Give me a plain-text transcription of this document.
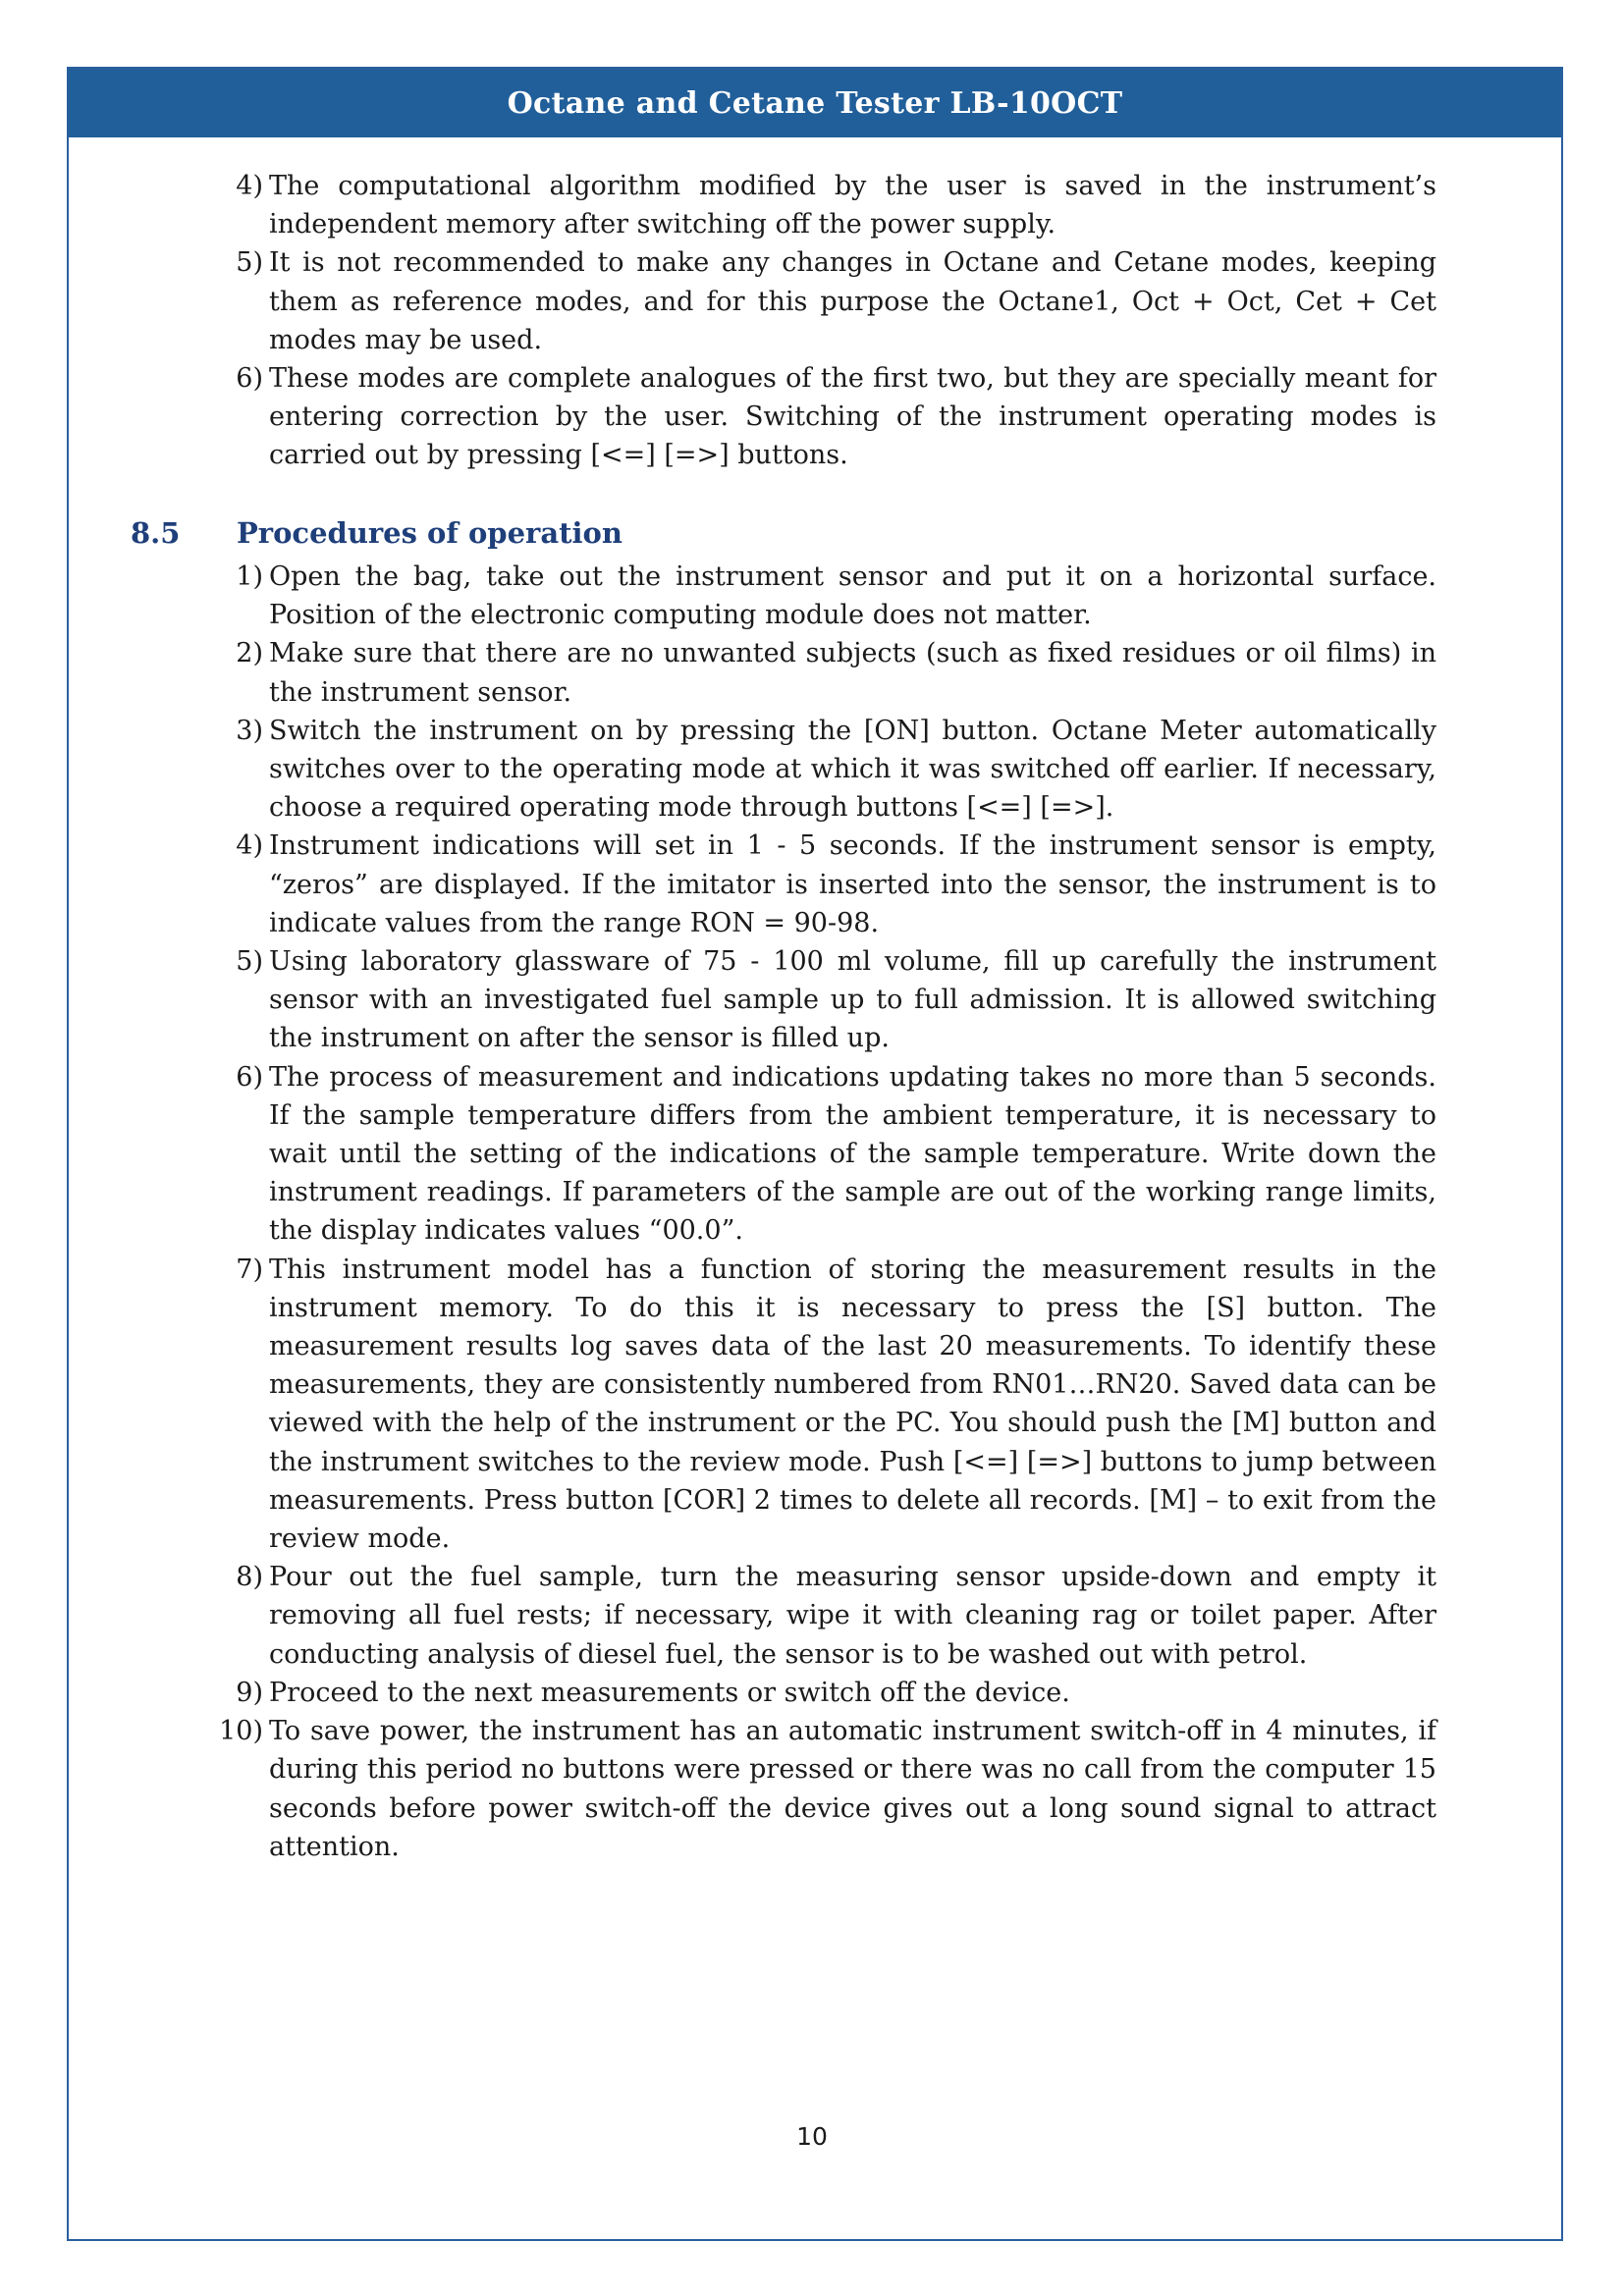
Octane and Cetane Tester LB-10OCT
4) The computational algorithm modified by the user is saved in the instrument’s independent memory after switching off the power supply.
5) It is not recommended to make any changes in Octane and Cetane modes, keeping them as reference modes, and for this purpose the Octane1, Oct + Oct, Cet + Cet modes may be used.
6) These modes are complete analogues of the first two, but they are specially meant for entering correction by the user. Switching of the instrument operating modes is carried out by pressing [<=] [=>] buttons.
8.5	Procedures of operation
1) Open the bag, take out the instrument sensor and put it on a horizontal surface. Position of the electronic computing module does not matter.
2) Make sure that there are no unwanted subjects (such as fixed residues or oil films) in the instrument sensor.
3) Switch the instrument on by pressing the [ON] button. Octane Meter automatically switches over to the operating mode at which it was switched off earlier. If necessary, choose a required operating mode through buttons [<=] [=>].
4) Instrument indications will set in 1 - 5 seconds. If the instrument sensor is empty, “zeros” are displayed. If the imitator is inserted into the sensor, the instrument is to indicate values from the range RON = 90-98.
5) Using laboratory glassware of 75 - 100 ml volume, fill up carefully the instrument sensor with an investigated fuel sample up to full admission. It is allowed switching the instrument on after the sensor is filled up.
6) The process of measurement and indications updating takes no more than 5 seconds. If the sample temperature differs from the ambient temperature, it is necessary to wait until the setting of the indications of the sample temperature. Write down the instrument readings. If parameters of the sample are out of the working range limits, the display indicates values “00.0”.
7) This instrument model has a function of storing the measurement results in the instrument memory. To do this it is necessary to press the [S] button. The measurement results log saves data of the last 20 measurements. To identify these measurements, they are consistently numbered from RN01…RN20. Saved data can be viewed with the help of the instrument or the PC. You should push the [M] button and the instrument switches to the review mode. Push [<=] [=>] buttons to jump between measurements. Press button [COR] 2 times to delete all records. [M] – to exit from the review mode.
8) Pour out the fuel sample, turn the measuring sensor upside-down and empty it removing all fuel rests; if necessary, wipe it with cleaning rag or toilet paper. After conducting analysis of diesel fuel, the sensor is to be washed out with petrol.
9) Proceed to the next measurements or switch off the device.
10) To save power, the instrument has an automatic instrument switch-off in 4 minutes, if during this period no buttons were pressed or there was no call from the computer 15 seconds before power switch-off the device gives out a long sound signal to attract attention.
10
